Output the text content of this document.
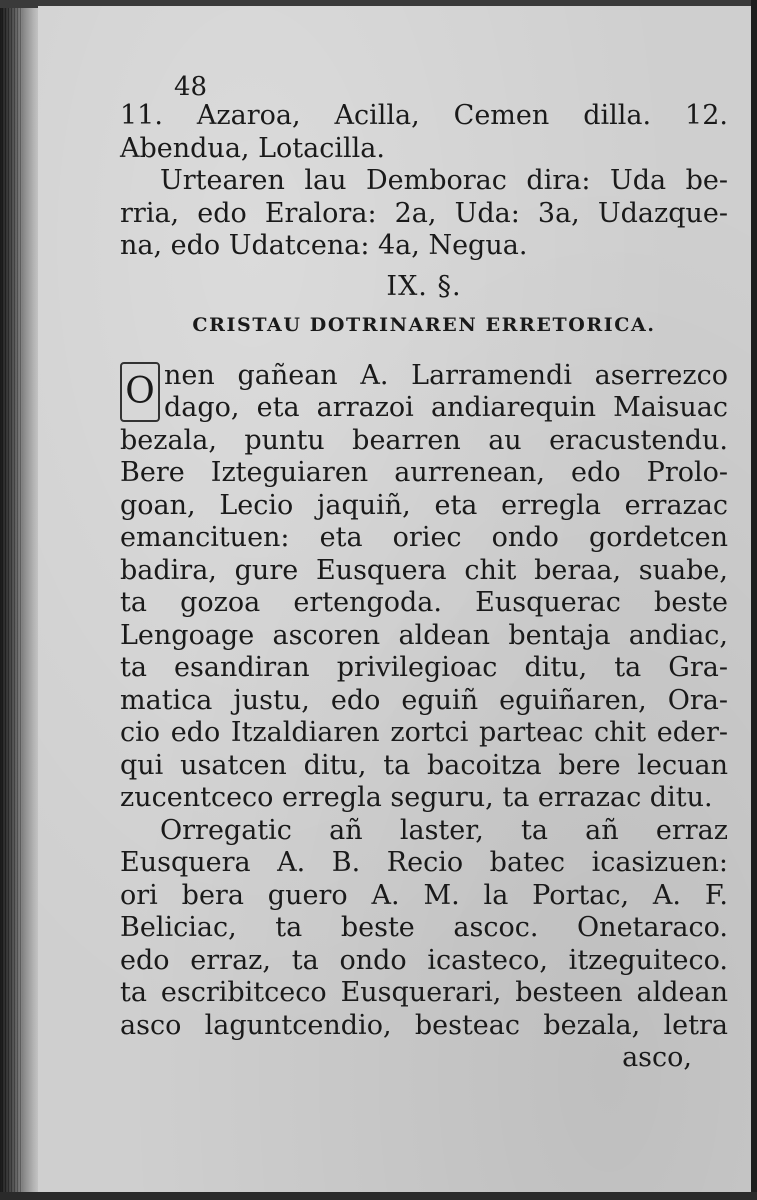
48

11. Azaroa, Acilla, Cemen dilla. 12.
Abendua, Lotacilla.

Urtearen lau Demborac dira: Uda be-
rria, edo Eralora: 2a, Uda: 3a, Udazque-
na, edo Udatcena: 4a, Negua.

IX. §.
CRISTAU DOTRINAREN ERRETORICA.

O nen gañean A. Larramendi aserrezco
dago, eta arrazoi andiarequin Maisuac
bezala, puntu bearren au eracustendu.
Bere Izteguiaren aurrenean, edo Prolo-
goan, Lecio jaquiñ, eta erregla errazac
emancituen: eta oriec ondo gordetcen
badira, gure Eusquera chit beraa, suabe,
ta gozoa ertengoda. Eusquerac beste
Lengoage ascoren aldean bentaja andiac,
ta esandiran privilegioac ditu, ta Gra-
matica justu, edo eguiñ eguiñaren, Ora-
cio edo Itzaldiaren zortci parteac chit eder-
qui usatcen ditu, ta bacoitza bere lecuan
zucentceco erregla seguru, ta errazac ditu.

Orregatic añ laster, ta añ erraz
Eusquera A. B. Recio batec icasizuen:
ori bera guero A. M. la Portac, A. F.
Beliciac, ta beste ascoc. Onetaraco.
edo erraz, ta ondo icasteco, itzeguiteco.
ta escribitceco Eusquerari, besteen aldean
asco laguntcendio, besteac bezala, letra

asco,
